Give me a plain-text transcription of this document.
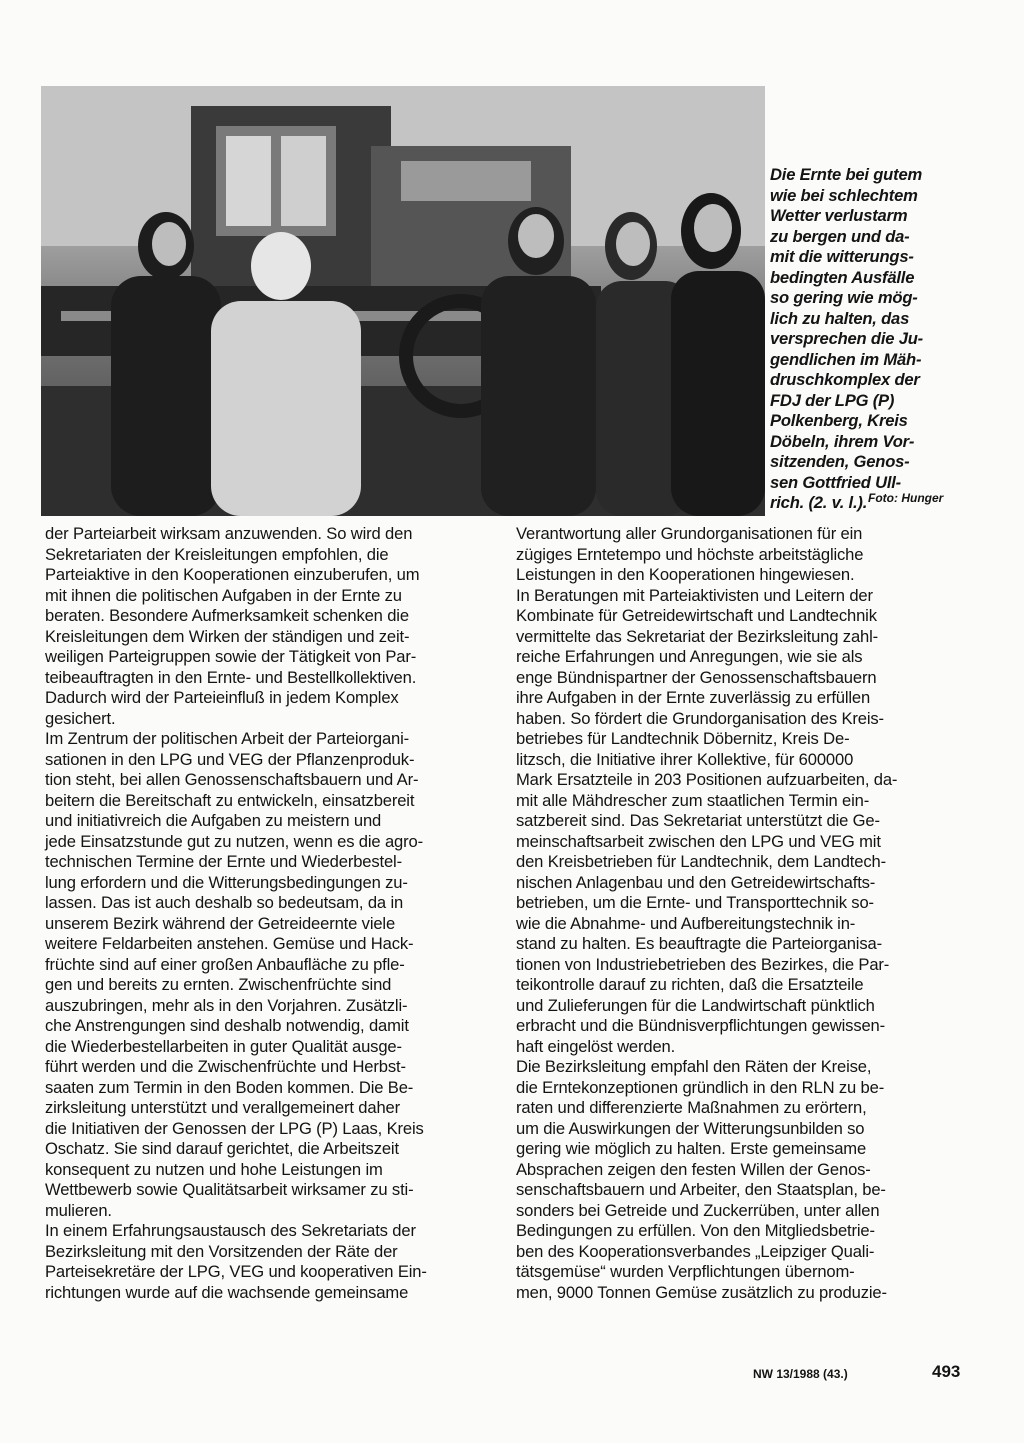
Die Ernte bei gutem
wie bei schlechtem
Wetter verlustarm
zu bergen und da-
mit die witterungs-
bedingten Ausfälle
so gering wie mög-
lich zu halten, das
versprechen die Ju-
gendlichen im Mäh-
druschkomplex der
FDJ der LPG (P)
Polkenberg, Kreis
Döbeln, ihrem Vor-
sitzenden, Genos-
sen Gottfried Ull-
rich. (2. v. l.). Foto: Hunger
der Parteiarbeit wirksam anzuwenden. So wird den
Sekretariaten der Kreisleitungen empfohlen, die
Parteiaktive in den Kooperationen einzuberufen, um
mit ihnen die politischen Aufgaben in der Ernte zu
beraten. Besondere Aufmerksamkeit schenken die
Kreisleitungen dem Wirken der ständigen und zeit-
weiligen Parteigruppen sowie der Tätigkeit von Par-
teibeauftragten in den Ernte- und Bestellkollektiven.
Dadurch wird der Parteieinfluß in jedem Komplex
gesichert.
Im Zentrum der politischen Arbeit der Parteiorgani-
sationen in den LPG und VEG der Pflanzenproduk-
tion steht, bei allen Genossenschaftsbauern und Ar-
beitern die Bereitschaft zu entwickeln, einsatzbereit
und initiativreich die Aufgaben zu meistern und
jede Einsatzstunde gut zu nutzen, wenn es die agro-
technischen Termine der Ernte und Wiederbestel-
lung erfordern und die Witterungsbedingungen zu-
lassen. Das ist auch deshalb so bedeutsam, da in
unserem Bezirk während der Getreideernte viele
weitere Feldarbeiten anstehen. Gemüse und Hack-
früchte sind auf einer großen Anbaufläche zu pfle-
gen und bereits zu ernten. Zwischenfrüchte sind
auszubringen, mehr als in den Vorjahren. Zusätzli-
che Anstrengungen sind deshalb notwendig, damit
die Wiederbestellarbeiten in guter Qualität ausge-
führt werden und die Zwischenfrüchte und Herbst-
saaten zum Termin in den Boden kommen. Die Be-
zirksleitung unterstützt und verallgemeinert daher
die Initiativen der Genossen der LPG (P) Laas, Kreis
Oschatz. Sie sind darauf gerichtet, die Arbeitszeit
konsequent zu nutzen und hohe Leistungen im
Wettbewerb sowie Qualitätsarbeit wirksamer zu sti-
mulieren.
In einem Erfahrungsaustausch des Sekretariats der
Bezirksleitung mit den Vorsitzenden der Räte der
Parteisekretäre der LPG, VEG und kooperativen Ein-
richtungen wurde auf die wachsende gemeinsame
Verantwortung aller Grundorganisationen für ein
zügiges Erntetempo und höchste arbeitstägliche
Leistungen in den Kooperationen hingewiesen.
In Beratungen mit Parteiaktivisten und Leitern der
Kombinate für Getreidewirtschaft und Landtechnik
vermittelte das Sekretariat der Bezirksleitung zahl-
reiche Erfahrungen und Anregungen, wie sie als
enge Bündnispartner der Genossenschaftsbauern
ihre Aufgaben in der Ernte zuverlässig zu erfüllen
haben. So fördert die Grundorganisation des Kreis-
betriebes für Landtechnik Döbernitz, Kreis De-
litzsch, die Initiative ihrer Kollektive, für 600000
Mark Ersatzteile in 203 Positionen aufzuarbeiten, da-
mit alle Mähdrescher zum staatlichen Termin ein-
satzbereit sind. Das Sekretariat unterstützt die Ge-
meinschaftsarbeit zwischen den LPG und VEG mit
den Kreisbetrieben für Landtechnik, dem Landtech-
nischen Anlagenbau und den Getreidewirtschafts-
betrieben, um die Ernte- und Transporttechnik so-
wie die Abnahme- und Aufbereitungstechnik in-
stand zu halten. Es beauftragte die Parteiorganisa-
tionen von Industriebetrieben des Bezirkes, die Par-
teikontrolle darauf zu richten, daß die Ersatzteile
und Zulieferungen für die Landwirtschaft pünktlich
erbracht und die Bündnisverpflichtungen gewissen-
haft eingelöst werden.
Die Bezirksleitung empfahl den Räten der Kreise,
die Erntekonzeptionen gründlich in den RLN zu be-
raten und differenzierte Maßnahmen zu erörtern,
um die Auswirkungen der Witterungsunbilden so
gering wie möglich zu halten. Erste gemeinsame
Absprachen zeigen den festen Willen der Genos-
senschaftsbauern und Arbeiter, den Staatsplan, be-
sonders bei Getreide und Zuckerrüben, unter allen
Bedingungen zu erfüllen. Von den Mitgliedsbetrie-
ben des Kooperationsverbandes „Leipziger Quali-
tätsgemüse“ wurden Verpflichtungen übernom-
men, 9000 Tonnen Gemüse zusätzlich zu produzie-
NW 13/1988 (43.)	493
